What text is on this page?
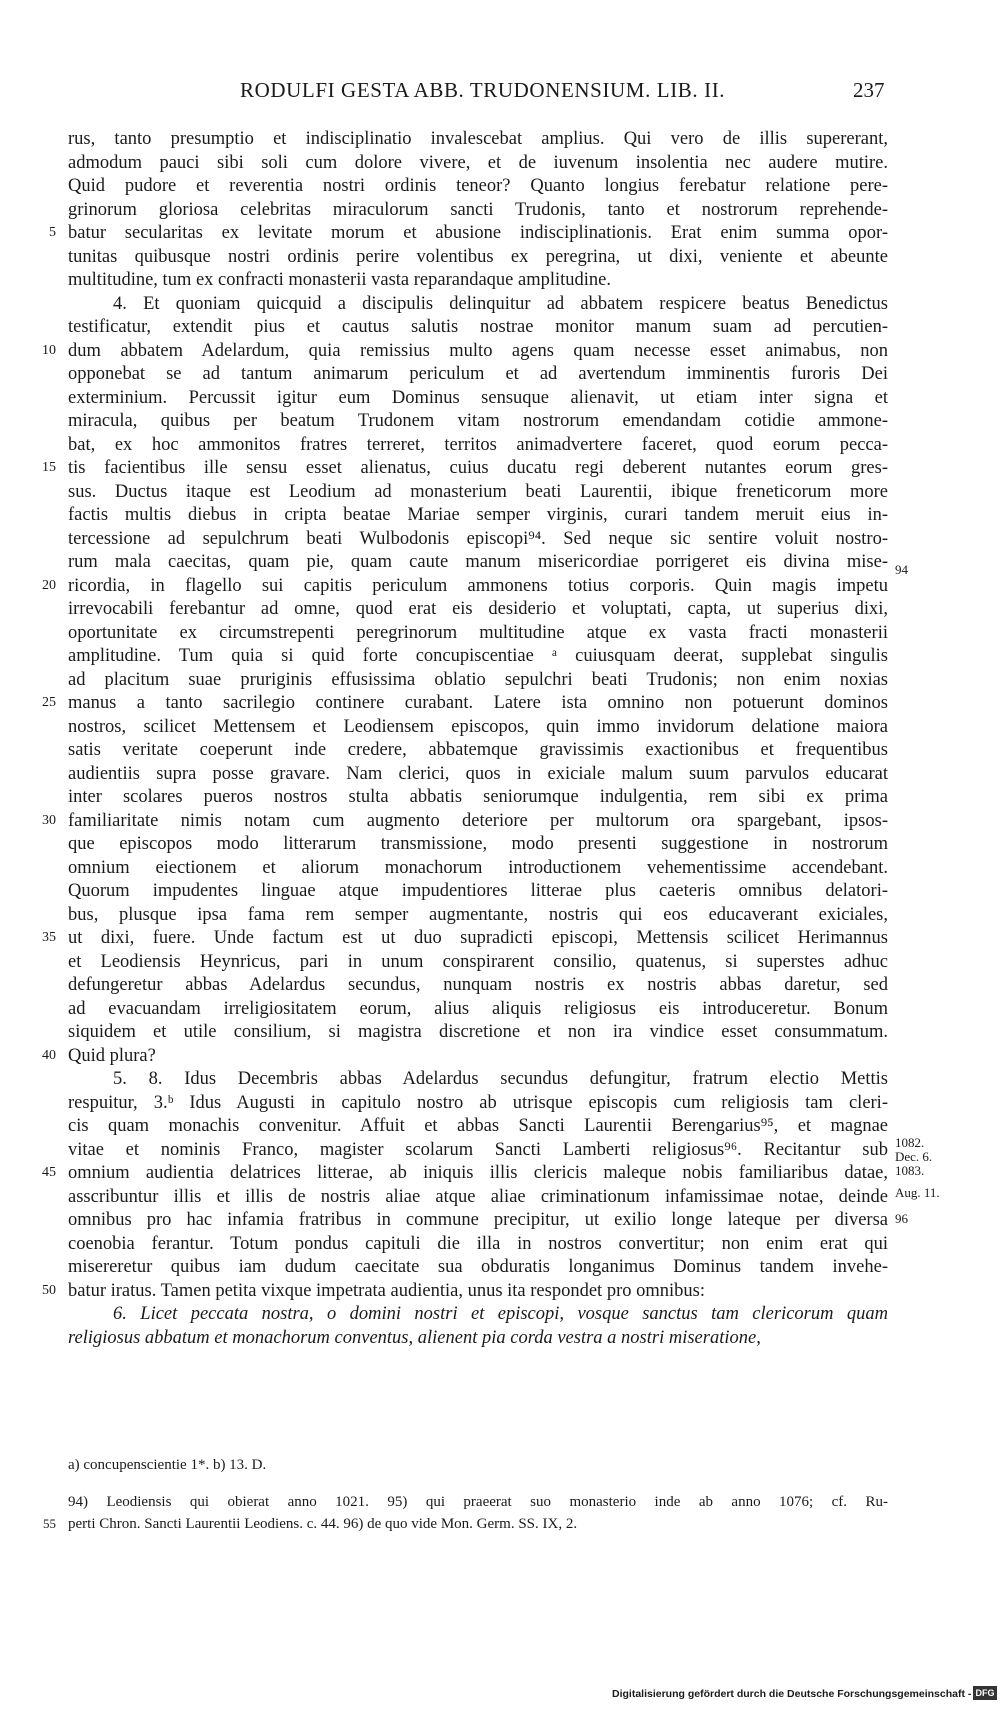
RODULFI GESTA ABB. TRUDONENSIUM. LIB. II.	237
rus, tanto presumptio et indisciplinatio invalescebat amplius. Qui vero de illis supererant,
admodum pauci sibi soli cum dolore vivere, et de iuvenum insolentia nec audere mutire.
Quid pudore et reverentia nostri ordinis teneor? Quanto longius ferebatur relatione pere-
grinorum gloriosa celebritas miraculorum sancti Trudonis, tanto et nostrorum reprehende-
batur secularitas ex levitate morum et abusione indisciplinationis. Erat enim summa opor-
tunitas quibusque nostri ordinis perire volentibus ex peregrina, ut dixi, veniente et abeunte
multitudine, tum ex confracti monasterii vasta reparandaque amplitudine.
4. Et quoniam quicquid a discipulis delinquitur ad abbatem respicere beatus Benedictus
testificatur, extendit pius et cautus salutis nostrae monitor manum suam ad percutien-
dum abbatem Adelardum, quia remissius multo agens quam necesse esset animabus, non
opponebat se ad tantum animarum periculum et ad avertendum imminentis furoris Dei
exterminium. Percussit igitur eum Dominus sensuque alienavit, ut etiam inter signa et
miracula, quibus per beatum Trudonem vitam nostrorum emendandam cotidie ammone-
bat, ex hoc ammonitos fratres terreret, territos animadvertere faceret, quod eorum pecca-
tis facientibus ille sensu esset alienatus, cuius ducatu regi deberent nutantes eorum gres-
sus. Ductus itaque est Leodium ad monasterium beati Laurentii, ibique freneticorum more
factis multis diebus in cripta beatae Mariae semper virginis, curari tandem meruit eius in-
tercessione ad sepulchrum beati Wulbodonis episcopi⁹⁴. Sed neque sic sentire voluit nostro-
rum mala caecitas, quam pie, quam caute manum misericordiae porrigeret eis divina mise-
ricordia, in flagello sui capitis periculum ammonens totius corporis. Quin magis impetu
irrevocabili ferebantur ad omne, quod erat eis desiderio et voluptati, capta, ut superius dixi,
oportunitate ex circumstrepenti peregrinorum multitudine atque ex vasta fracti monasterii
amplitudine. Tum quia si quid forte concupiscentiae ᵃ cuiusquam deerat, supplebat singulis
ad placitum suae pruriginis effusissima oblatio sepulchri beati Trudonis; non enim noxias
manus a tanto sacrilegio continere curabant. Latere ista omnino non potuerunt dominos
nostros, scilicet Mettensem et Leodiensem episcopos, quin immo invidorum delatione maiora
satis veritate coeperunt inde credere, abbatemque gravissimis exactionibus et frequentibus
audientiis supra posse gravare. Nam clerici, quos in exiciale malum suum parvulos educarat
inter scolares pueros nostros stulta abbatis seniorumque indulgentia, rem sibi ex prima
familiaritate nimis notam cum augmento deteriore per multorum ora spargebant, ipsos-
que episcopos modo litterarum transmissione, modo presenti suggestione in nostrorum
omnium eiectionem et aliorum monachorum introductionem vehementissime accendebant.
Quorum impudentes linguae atque impudentiores litterae plus caeteris omnibus delatori-
bus, plusque ipsa fama rem semper augmentante, nostris qui eos educaverant exiciales,
ut dixi, fuere. Unde factum est ut duo supradicti episcopi, Mettensis scilicet Herimannus
et Leodiensis Heynricus, pari in unum conspirarent consilio, quatenus, si superstes adhuc
defungeretur abbas Adelardus secundus, nunquam nostris ex nostris abbas daretur, sed
ad evacuandam irreligiositatem eorum, alius aliquis religiosus eis introduceretur. Bonum
siquidem et utile consilium, si magistra discretione et non ira vindice esset consummatum.
Quid plura?
5. 8. Idus Decembris abbas Adelardus secundus defungitur, fratrum electio Mettis
respuitur, 3.ᵇ Idus Augusti in capitulo nostro ab utrisque episcopis cum religiosis tam cleri-
cis quam monachis convenitur. Affuit et abbas Sancti Laurentii Berengarius⁹⁵, et magnae
vitae et nominis Franco, magister scolarum Sancti Lamberti religiosus⁹⁶. Recitantur sub
omnium audientia delatrices litterae, ab iniquis illis clericis maleque nobis familiaribus datae,
asscribuntur illis et illis de nostris aliae atque aliae criminationum infamissimae notae, deinde
omnibus pro hac infamia fratribus in commune precipitur, ut exilio longe lateque per diversa
coenobia ferantur. Totum pondus capituli die illa in nostros convertitur; non enim erat qui
misereretur quibus iam dudum caecitate sua obduratis longanimus Dominus tandem invehe-
batur iratus. Tamen petita vixque impetrata audientia, unus ita respondet pro omnibus:
6. Licet peccata nostra, o domini nostri et episcopi, vosque sanctus tam clericorum quam
religiosus abbatum et monachorum conventus, alienent pia corda vestra a nostri miseratione,
5
10
15
20
25
30
35
40
45
50
94
1082.
Dec. 6.
1083.
Aug. 11.
96
a) concupenscientie 1*. b) 13. D.
94) Leodiensis qui obierat anno 1021. 95) qui praeerat suo monasterio inde ab anno 1076; cf. Ru-
perti Chron. Sancti Laurentii Leodiens. c. 44. 96) de quo vide Mon. Germ. SS. IX, 2.
55
Digitalisierung gefördert durch die Deutsche Forschungsgemeinschaft - DFG
